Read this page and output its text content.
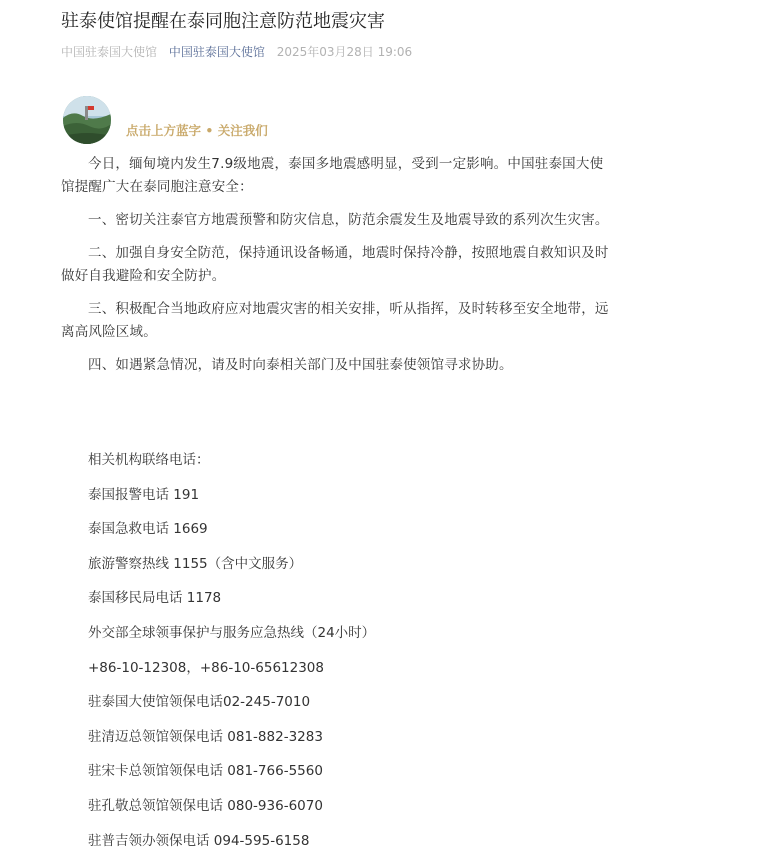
驻泰使馆提醒在泰同胞注意防范地震灾害
中国驻泰国大使馆 中国驻泰国大使馆 2025年03月28日 19:06
点击上方蓝字 • 关注我们

今日，缅甸境内发生7.9级地震，泰国多地震感明显，受到一定影响。中国驻泰国大使馆提醒广大在泰同胞注意安全：

一、密切关注泰官方地震预警和防灾信息，防范余震发生及地震导致的系列次生灾害。

二、加强自身安全防范，保持通讯设备畅通，地震时保持冷静，按照地震自救知识及时做好自我避险和安全防护。

三、积极配合当地政府应对地震灾害的相关安排，听从指挥，及时转移至安全地带，远离高风险区域。

四、如遇紧急情况，请及时向泰相关部门及中国驻泰使领馆寻求协助。

相关机构联络电话：
泰国报警电话 191
泰国急救电话 1669
旅游警察热线 1155（含中文服务）
泰国移民局电话 1178
外交部全球领事保护与服务应急热线（24小时）
+86-10-12308，+86-10-65612308
驻泰国大使馆领保电话02-245-7010
驻清迈总领馆领保电话 081-882-3283
驻宋卡总领馆领保电话 081-766-5560
驻孔敬总领馆领保电话 080-936-6070
驻普吉领办领保电话 094-595-6158
